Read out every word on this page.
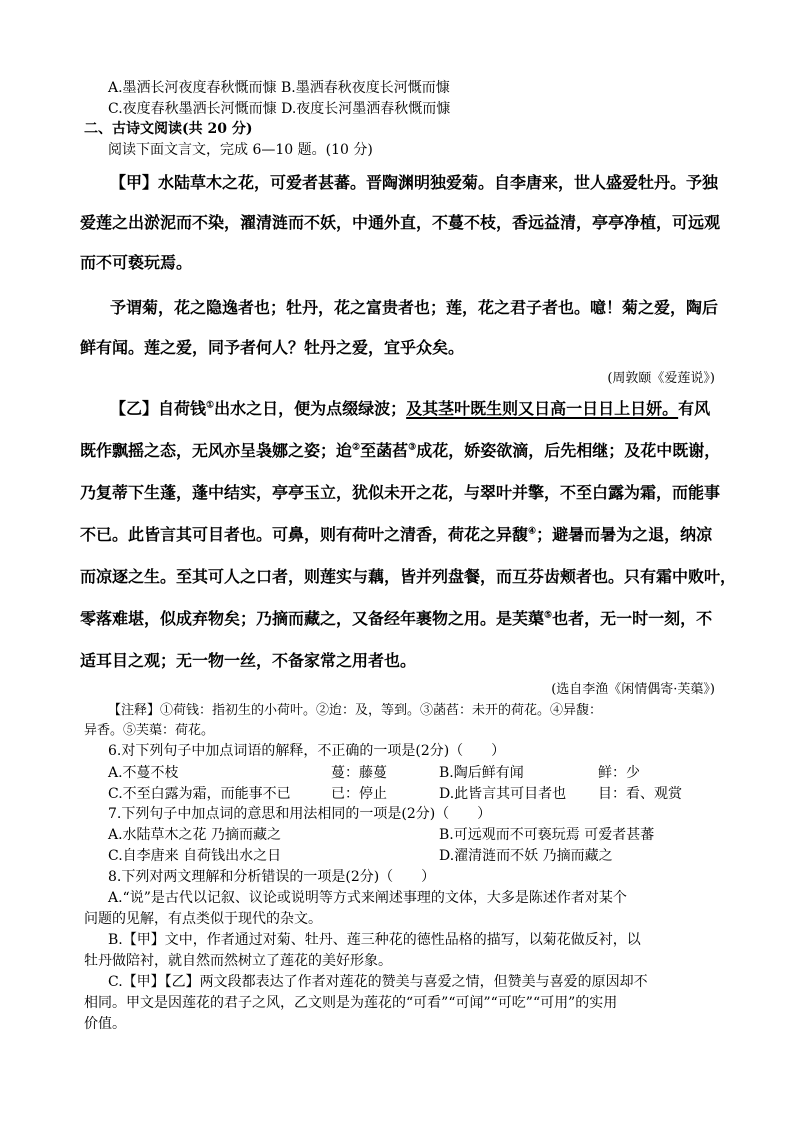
A.墨洒长河夜度春秋慨而慷 B.墨洒春秋夜度长河慨而慷
C.夜度春秋墨洒长河慨而慷 D.夜度长河墨洒春秋慨而慷
二、古诗文阅读(共 20 分)
阅读下面文言文，完成 6—10 题。(10 分)
【甲】水陆草木之花，可爱者甚蕃。晋陶渊明独爱菊。自李唐来，世人盛爱牡丹。予独
爱莲之出淤泥而不染，濯清涟而不妖，中通外直，不蔓不枝，香远益清，亭亭净植，可远观
而不可亵玩焉。
予谓菊，花之隐逸者也；牡丹，花之富贵者也；莲，花之君子者也。噫！菊之爱，陶后
鲜有闻。莲之爱，同予者何人？牡丹之爱，宜乎众矣。
(周敦颐《爱莲说》)
【乙】自荷钱①出水之日，便为点缀绿波；及其茎叶既生则又日高一日日上日妍。有风
既作飘摇之态，无风亦呈袅娜之姿；迨②至菡萏③成花，娇姿欲滴，后先相继；及花中既谢，
乃复蒂下生蓬，蓬中结实，亭亭玉立，犹似未开之花，与翠叶并擎，不至白露为霜，而能事
不已。此皆言其可目者也。可鼻，则有荷叶之清香，荷花之异馥④；避暑而暑为之退，纳凉
而凉逐之生。至其可人之口者，则莲实与藕，皆并列盘餐，而互芬齿颊者也。只有霜中败叶，
零落难堪，似成弃物矣；乃摘而藏之，又备经年裹物之用。是芙蕖⑤也者，无一时一刻，不
适耳目之观；无一物一丝，不备家常之用者也。
(选自李渔《闲情偶寄·芙蕖》)
【注释】①荷钱：指初生的小荷叶。②迨：及，等到。③菡萏：未开的荷花。④异馥：
异香。⑤芙蕖：荷花。
6.对下列句子中加点词语的解释，不正确的一项是(2分)（　　）
A.不蔓不枝	蔓：藤蔓	B.陶后鲜有闻	鲜：少
C.不至白露为霜，而能事不已	已：停止	D.此皆言其可目者也 目：看、观赏
7.下列句子中加点词的意思和用法相同的一项是(2分)（　　）
A.水陆草木之花 乃摘而藏之	B.可远观而不可亵玩焉 可爱者甚蕃
C.自李唐来 自荷钱出水之日	D.濯清涟而不妖 乃摘而藏之
8.下列对两文理解和分析错误的一项是(2分)（　　）
A.“说”是古代以记叙、议论或说明等方式来阐述事理的文体，大多是陈述作者对某个
问题的见解，有点类似于现代的杂文。
B.【甲】文中，作者通过对菊、牡丹、莲三种花的德性品格的描写，以菊花做反衬，以
牡丹做陪衬，就自然而然树立了莲花的美好形象。
C.【甲】【乙】两文段都表达了作者对莲花的赞美与喜爱之情，但赞美与喜爱的原因却不
相同。甲文是因莲花的君子之风，乙文则是为莲花的“可看”“可闻”“可吃”“可用”的实用
价值。
